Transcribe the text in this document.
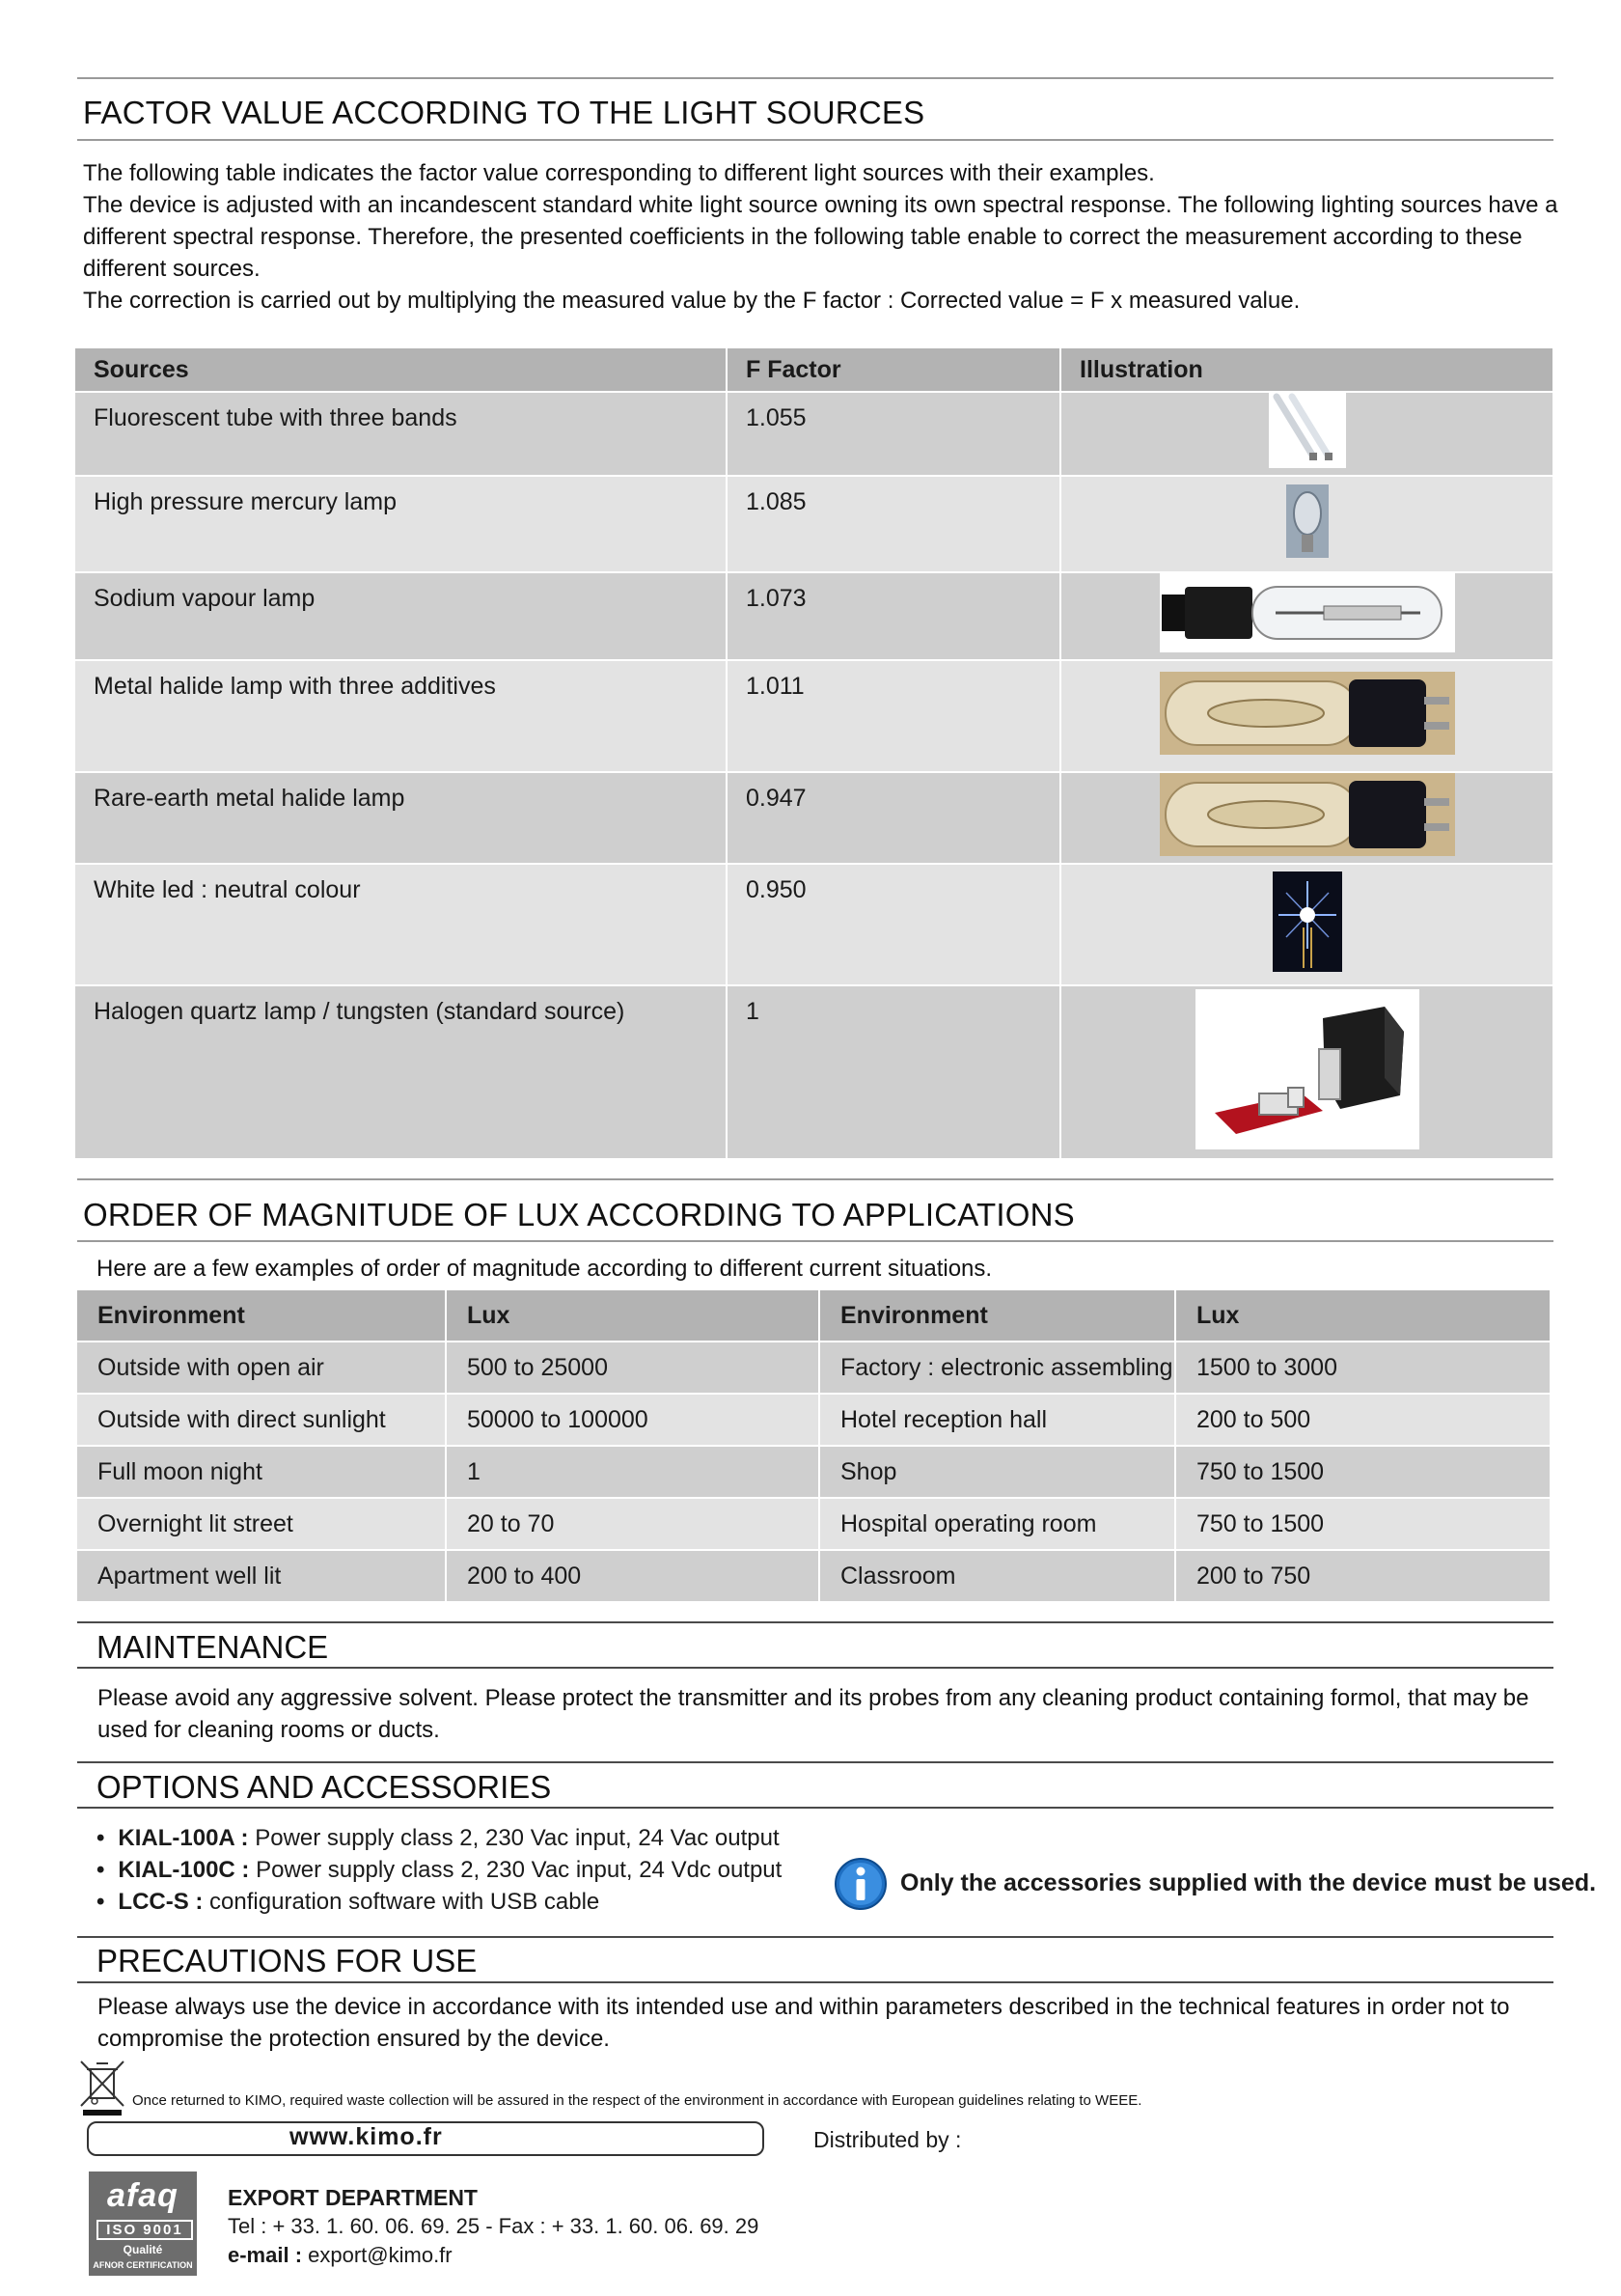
FACTOR VALUE ACCORDING TO THE LIGHT SOURCES
The following table indicates the factor value corresponding to different light sources with their examples.
The device is adjusted with an incandescent standard white light source owning its own spectral response. The following lighting sources have a
different spectral response. Therefore, the presented coefficients in the following table enable to correct the measurement according to these
different sources.
The correction is carried out by multiplying the measured value by the F factor : Corrected value = F x measured value.
Sources	F Factor	Illustration
Fluorescent tube with three bands	1.055	
High pressure mercury lamp	1.085	
Sodium vapour lamp	1.073	
Metal halide lamp with three additives	1.011	
Rare-earth metal halide lamp	0.947	
White led : neutral colour	0.950	
Halogen quartz lamp / tungsten (standard source)	1	
ORDER OF MAGNITUDE OF LUX ACCORDING TO APPLICATIONS
Here are a few examples of order of magnitude according to different current situations.
Environment	Lux	Environment	Lux
Outside with open air	500 to 25000	Factory : electronic assembling	1500 to 3000
Outside with direct sunlight	50000 to 100000	Hotel reception hall	200 to 500
Full moon night	1	Shop	750 to 1500
Overnight lit street	20 to 70	Hospital operating room	750 to 1500
Apartment well lit	200 to 400	Classroom	200 to 750
MAINTENANCE
Please avoid any aggressive solvent. Please protect the transmitter and its probes from any cleaning product containing formol, that may be
used for cleaning rooms or ducts.
OPTIONS AND ACCESSORIES
• KIAL-100A : Power supply class 2, 230 Vac input, 24 Vac output
• KIAL-100C : Power supply class 2, 230 Vac input, 24 Vdc output
• LCC-S : configuration software with USB cable
Only the accessories supplied with the device must be used.
PRECAUTIONS FOR USE
Please always use the device in accordance with its intended use and within parameters described in the technical features in order not to
compromise the protection ensured by the device.
Once returned to KIMO, required waste collection will be assured in the respect of the environment in accordance with European guidelines relating to WEEE.
www.kimo.fr	Distributed by :
afaq
ISO 9001
Qualité
AFNOR CERTIFICATION
EXPORT DEPARTMENT
Tel : + 33. 1. 60. 06. 69. 25 - Fax : + 33. 1. 60. 06. 69. 29
e-mail : export@kimo.fr
